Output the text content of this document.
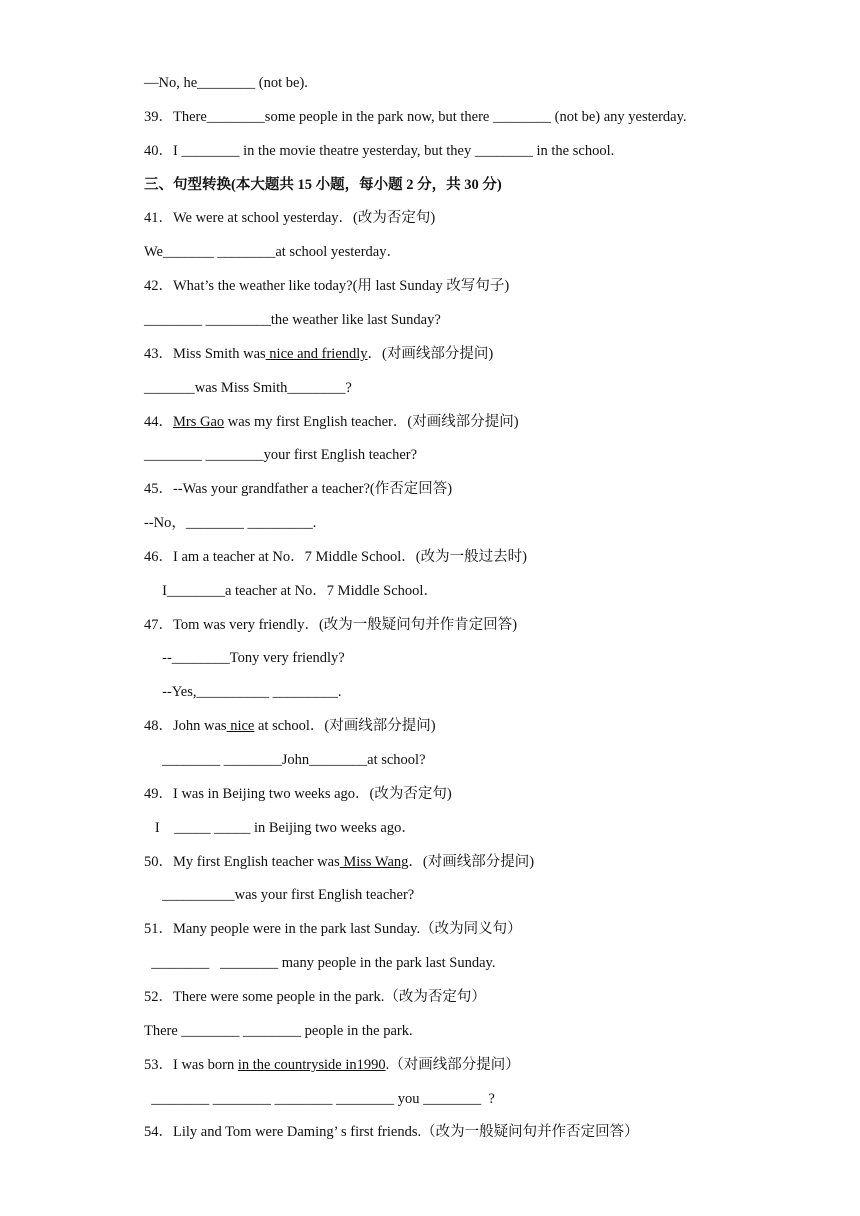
—No, he________ (not be).
39．There________some people in the park now, but there ________ (not be) any yesterday.
40．I ________ in the movie theatre yesterday, but they ________ in the school.
三、句型转换(本大题共 15 小题，每小题 2 分，共 30 分)
41．We were at school yesterday．(改为否定句)
We_______ ________at school yesterday．
42．What’s the weather like today?(用 last Sunday 改写句子)
________ _________the weather like last Sunday?
43．Miss Smith was nice and friendly．(对画线部分提问)
_______was Miss Smith________?
44．Mrs Gao was my first English teacher．(对画线部分提问)
________ ________your first English teacher?
45．--Was your grandfather a teacher?(作否定回答)
--No，________ _________.
46．I am a teacher at No．7 Middle School．(改为一般过去时)
I________a teacher at No．7 Middle School．
47．Tom was very friendly．(改为一般疑问句并作肯定回答)
--________Tony very friendly?
--Yes,__________ _________.
48．John was nice at school．(对画线部分提问)
________ ________John________at school?
49．I was in Beijing two weeks ago．(改为否定句)
I    _____ _____ in Beijing two weeks ago．
50．My first English teacher was Miss Wang．(对画线部分提问)
__________was your first English teacher?
51．Many people were in the park last Sunday.（改为同义句）
________   ________ many people in the park last Sunday.
52．There were some people in the park.（改为否定句）
There ________ ________ people in the park.
53．I was born in the countryside in1990.（对画线部分提问）
________ ________ ________ ________ you ________  ?
54．Lily and Tom were Daming’ s first friends.（改为一般疑问句并作否定回答）
